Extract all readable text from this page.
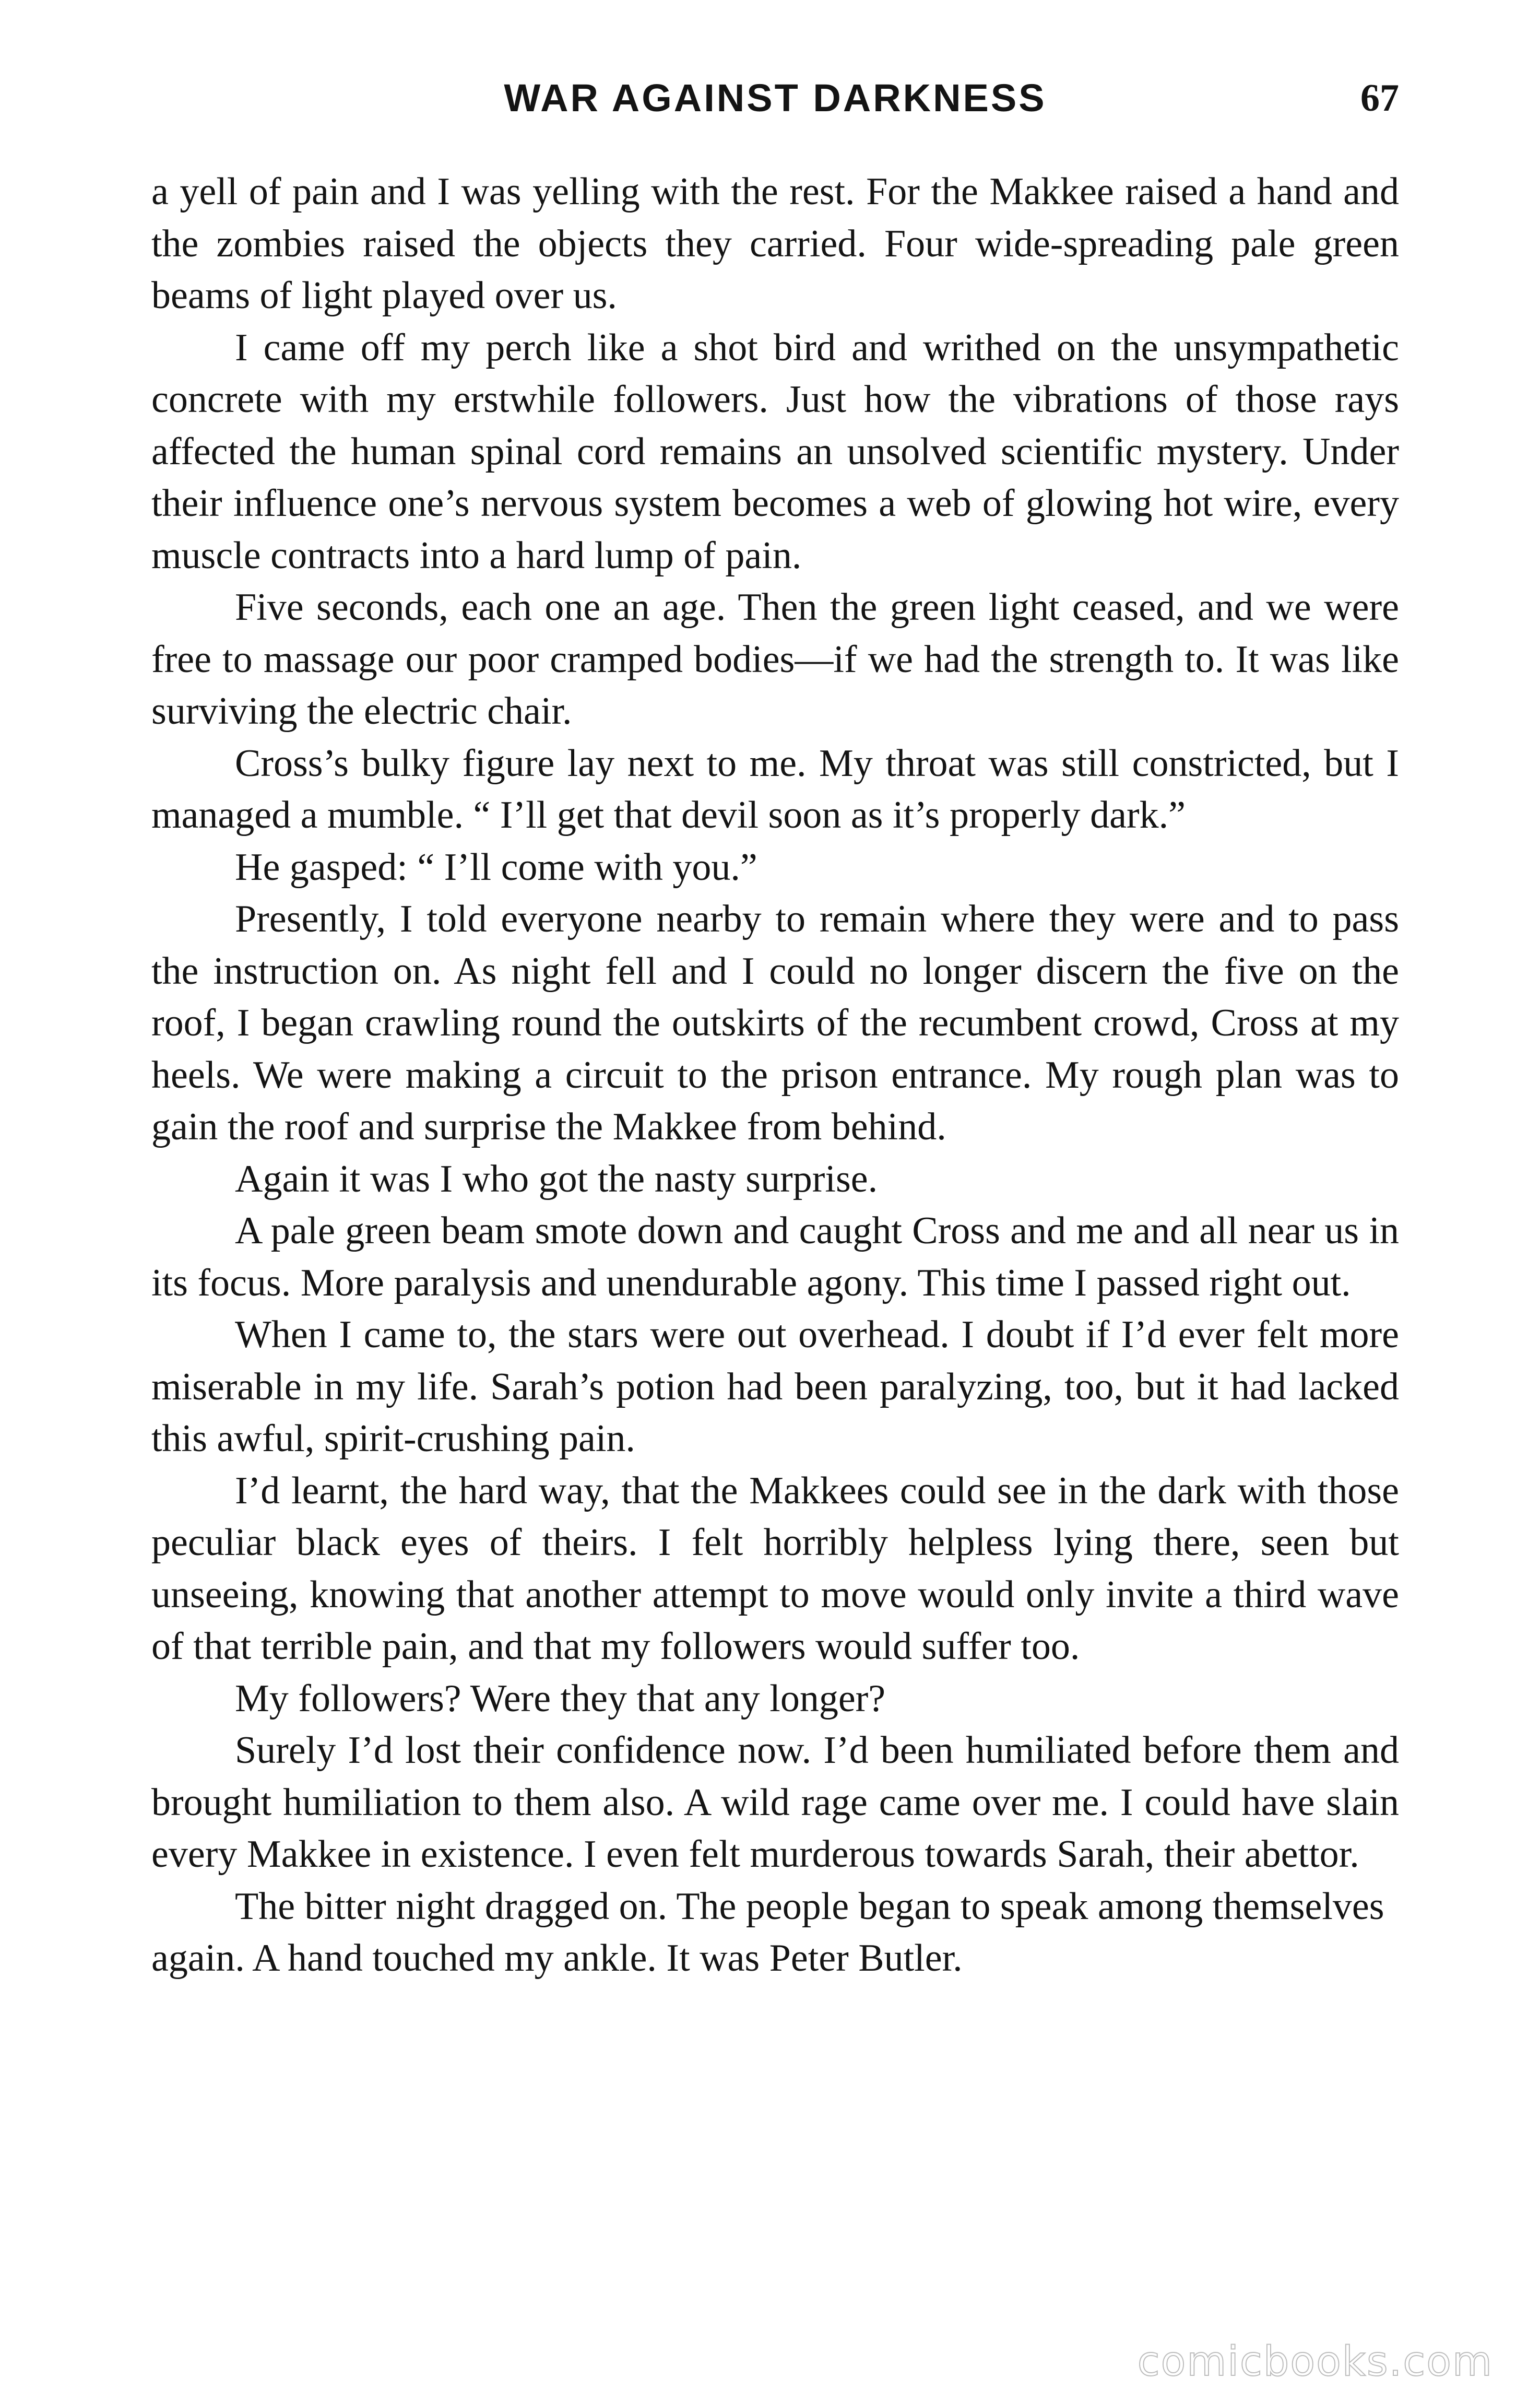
WAR AGAINST DARKNESS	67

a yell of pain and I was yelling with the rest. For the Makkee raised a hand and the zombies raised the objects they carried. Four wide-spreading pale green beams of light played over us.

I came off my perch like a shot bird and writhed on the unsympathetic concrete with my erstwhile followers. Just how the vibrations of those rays affected the human spinal cord remains an unsolved scientific mystery. Under their influence one’s nervous system becomes a web of glowing hot wire, every muscle contracts into a hard lump of pain.

Five seconds, each one an age. Then the green light ceased, and we were free to massage our poor cramped bodies—if we had the strength to. It was like surviving the electric chair.

Cross’s bulky figure lay next to me. My throat was still constricted, but I managed a mumble. “ I’ll get that devil soon as it’s properly dark.”

He gasped: “ I’ll come with you.”

Presently, I told everyone nearby to remain where they were and to pass the instruction on. As night fell and I could no longer discern the five on the roof, I began crawling round the outskirts of the recumbent crowd, Cross at my heels. We were making a circuit to the prison entrance. My rough plan was to gain the roof and surprise the Makkee from behind.

Again it was I who got the nasty surprise.

A pale green beam smote down and caught Cross and me and all near us in its focus. More paralysis and unendurable agony. This time I passed right out.

When I came to, the stars were out overhead. I doubt if I’d ever felt more miserable in my life. Sarah’s potion had been paralyzing, too, but it had lacked this awful, spirit-crushing pain.

I’d learnt, the hard way, that the Makkees could see in the dark with those peculiar black eyes of theirs. I felt horribly helpless lying there, seen but unseeing, knowing that another attempt to move would only invite a third wave of that terrible pain, and that my followers would suffer too.

My followers? Were they that any longer?

Surely I’d lost their confidence now. I’d been humiliated before them and brought humiliation to them also. A wild rage came over me. I could have slain every Makkee in existence. I even felt murderous towards Sarah, their abettor.

The bitter night dragged on. The people began to speak among themselves again. A hand touched my ankle. It was Peter Butler.

comicbooks.com
